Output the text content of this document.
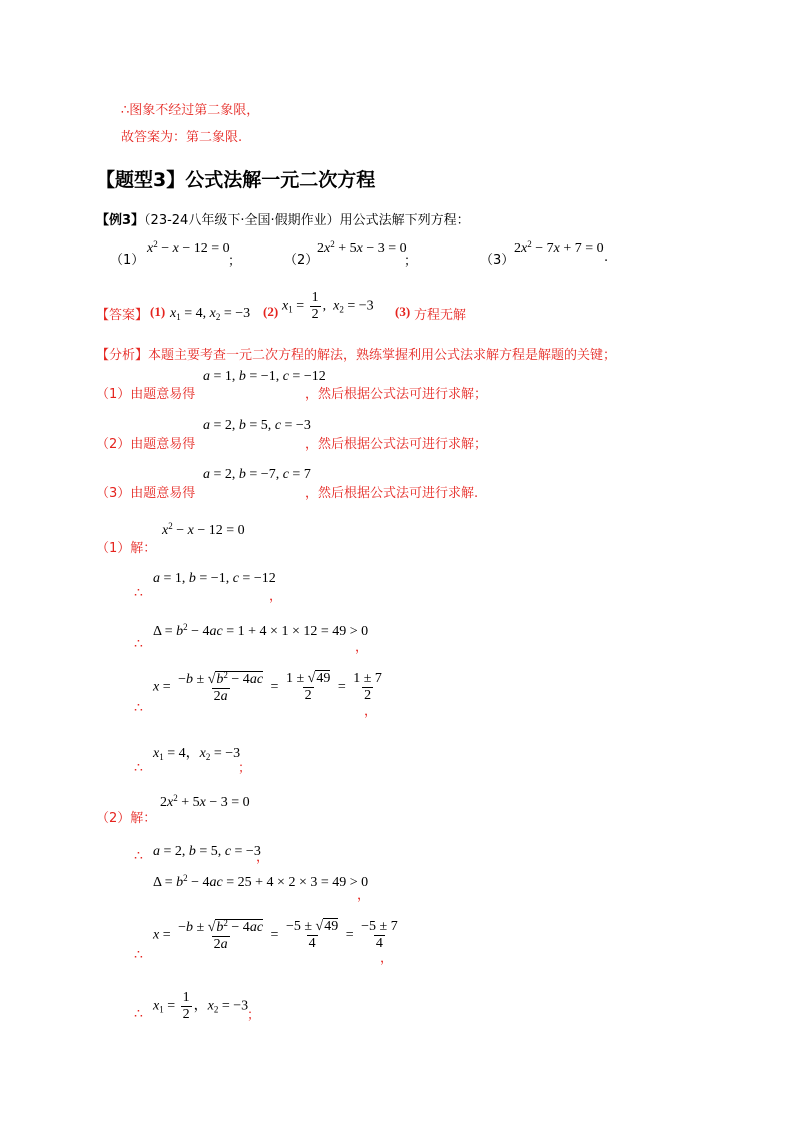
∴图象不经过第二象限，
故答案为：第二象限.
【题型3】公式法解一元二次方程
【例3】（23-24八年级下·全国·假期作业）用公式法解下列方程：
（1）
$x^2 - x - 12 = 0$
；	（2）
$2x^2 + 5x - 3 = 0$
；	（3）
$2x^2 - 7x + 7 = 0$
.
【答案】 (1) $x_1 = 4$, $x_2 = -3$ (2) $x_1 = \frac{1}{2}$ ,  $x_2 = -3$ (3) 方程无解
【分析】本题主要考查一元二次方程的解法，熟练掌握利用公式法求解方程是解题的关键；
（1）由题意易得
a = 1, b = −1, c = −12
，然后根据公式法可进行求解；
（2）由题意易得
a = 2, b = 5, c = −3
，然后根据公式法可进行求解；
（3）由题意易得
a = 2, b = −7, c = 7
，然后根据公式法可进行求解.
（1）解：
$x^2 - x - 12 = 0$
∴
a = 1, b = −1, c = −12
，
∴
$\Delta = b^2 - 4ac = 1 + 4 \times 1 \times 12 = 49 > 0$
，
∴
$x = \frac{-b \pm √b^2 - 4ac}{2a} = \frac{1 \pm √49}{2} = \frac{1 \pm 7}{2}$
，
∴
$x_1 = 4$，$x_2 = -3$
；
（2）解：
$2x^2 + 5x - 3 = 0$
∴ a = 2, b = 5, c = −3
，
$\Delta = b^2 - 4ac = 25 + 4 \times 2 \times 3 = 49 > 0$
，
∴
$x = \frac{-b \pm √b^2 - 4ac}{2a} = \frac{-5 \pm √49}{4} = \frac{-5 \pm 7}{4}$
，
∴
$x_1 = \frac{1}{2}$ ，$x_2 = -3$
；
